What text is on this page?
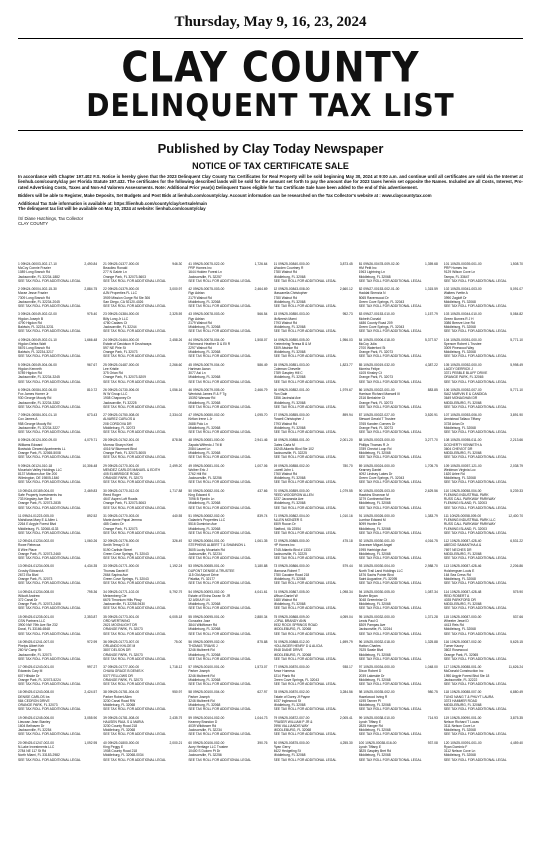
Thursday, May 9, 16, 23, 2024
CLAY COUNTY
DELINQUENT TAX LIST
Published by Clay Today Newspaper
NOTICE OF TAX CERTIFICATE SALE
In accordance with Chapter 197.402 F.S. Notice is hereby given that the 2023 Delinquent Clay County Tax Certificates for Real Property will be sold beginning May 30, 2024 at 9:00 a.m. and continue until all certificates are sold via the Internet at lienhub.com/county/clay per Florida Statute 197.432. The certificates for the following described lands will be sold for the amount set forth to pay the amount due for 2023 taxes herein set opposite the Names. Included are all Costs, Interest, Pro-rated Advertising Costs, Taxes and Non-Ad Valorem Assessments. Note: Additional Prior year(s) Delinquent Taxes eligible for Tax Certificate Sale have been added to the end of this advertisement.
Bidders will be able to Register, Make Deposits, Set Budgets and Post Bids at lienhub.com/county/clay. Account information can be researched on the Tax Collector's website at : www.claycountytax.com
Additional Tax Sale information is available at: https://lienhub.com/county/clay/certsale/main
The delinquent tax list will be available on May 10, 2024 at website: lienhub.com/county/clay
/S/ Diane Hutchings, Tax Collector
CLAY COUNTY
1 09N24-00003-002-17-10	2,490.84
McCoy Connie Frazier
1089 Long Branch Rd
Jacksonville, FL 32234-1882
SEE TAX ROLL FOR ADDITIONAL LEGAL
2 09N24-00004-002-15-30	2,884.75
Mcrae Jesse Frazier
7309 Long Branch Rd
Jacksonville, FL 32234-2045
SEE TAX ROLL FOR ADDITIONAL LEGAL
3 09N24-00049-002-02-00	975.40
Higdon Joseph B
4790 Higdon Rd
Baldwin, FL 32234-3231
SEE TAX ROLL FOR ADDITIONAL LEGAL
4 09N24-00049-002-01-10	1,666.48
Higdon Debra Watt
5676 Long Branch Rd
Baldwin, FL 32234-3217
SEE TAX ROLL FOR ADDITIONAL LEGAL
5 09N24-00049-004-06-00	967.67
Higdon Kenneth
5789 Higdon Rd
Jacksonville, FL 32234-3245
SEE TAX ROLL FOR ADDITIONAL LEGAL
6 09N24-00084-002-06-00	810.72
Fox James Homer Jr
930 George Moody Rd
Jacksonville, FL 32234-3282
SEE TAX ROLL FOR ADDITIONAL LEGAL
7 09N24-00084-001-01-10	673.43
Cox James A
958 George Moody Rd
Jacksonville, FL 32234-3227
SEE TAX ROLL FOR ADDITIONAL LEGAL
8 09N24-00124-000-09-00	4,079.71
Williams Edward
Bostwick Cleared Apartments LL
Orange Park, FL 32065-5008
SEE TAX ROLL FOR ADDITIONAL LEGAL
9 09N24-00124-010-18	10,306.48
Mountain Valley Holdings LLC
8137 Midtown Ave Ste 200
Wilmington, DE 19805-1840
SEE TAX ROLL FOR ADDITIONAL LEGAL
10 09N24-00189-004-00	2,469.83
Safe Property Investments Inc
733 Kingsley Ave Ste 8
Orange Park, FL 32073-2835
SEE TAX ROLL FOR ADDITIONAL LEGAL
11 09N24-01223-005-00	892.52
Mahdiana Mary E & Allen L
2264 E Argyle Forest Blvd
Middleburg, FL 32068-4133
SEE TAX ROLL FOR ADDITIONAL LEGAL
12 09N24-01234-002-00	1,060.26
Rowe Rebecca
8 Wire Place
Orange Park, FL 32073-2460
SEE TAX ROLL FOR ADDITIONAL LEGAL
13 09N24-01234-005-00	4,434.35
Crosby Edward A
2672 Ela Blvd
Orange Park, FL 32073
SEE TAX ROLL FOR ADDITIONAL LEGAL
14 09N24-01234-008-00	795.36
Wilcott Andrew
372 Canal Dr
Orange Park, FL 32073-2406
SEE TAX ROLL FOR ADDITIONAL LEGAL
15 09N25-01235-001-00	2,353.87
CSN Partners LLC
3900 NW 79th Ave Ste 232
Doral, FL 33166-6548
SEE TAX ROLL FOR ADDITIONAL LEGAL
16 09N25-01241-007-00	972.99
Phelps Albert Keh
260 W Camp St
Jacksonville, FL 32073
SEE TAX ROLL FOR ADDITIONAL LEGAL
17 09N25-01243-001-00	997.27
Edwards Cary M
607 Hillside Dr
Orange Park, FL 32073-5224
SEE TAX ROLL FOR ADDITIONAL LEGAL
18 09N25-01243-008-00	2,424.57
DENISE CARLOS Ira
584 CEDRON DRIVE
ORANGE PARK, FL 32073
SEE TAX ROLL FOR ADDITIONAL LEGAL
19 09N25-01245-006-00	3,055.90
Lieuwan Jean Stanley
1604 Belhaven Dr
Jacksonville, FL 32254
SEE TAX ROLL FOR ADDITIONAL LEGAL
20 09N25-01247-002-00	1,092.95
N-Lake Investments LLC
2784 NE 117 St Rd
North Miami, FL 33183-2982
SEE TAX ROLL FOR ADDITIONAL LEGAL
21 09N25-01377-000-00	946.30
Beaulieu Ronald
277 N Galvin Ln
Orange Park, FL 32073-5603
SEE TAX ROLL FOR ADDITIONAL LEGAL
22 09N25-01379-000-00	3,000.97
AJN Properties FL LLC
3909 Mission Gorge Rd Ste 306
San Diego, CA 92120-4026
SEE TAX ROLL FOR ADDITIONAL LEGAL
23 09N25-01384-000-00	2,325.59
Billy Long Jr LLC
4780 Cadans Ct
Jacksonville, FL 32244
SEE TAX ROLL FOR ADDITIONAL LEGAL
24 09N25-01464-000-00	2,458.26
Estate of Davidson H Drushways
597 NE Pirie St
Orange Park, FL 32073
SEE TAX ROLL FOR ADDITIONAL LEGAL
25 09N25-01487-000-00	2,266.60
Lee Kristie
375 Orian Rd
Orange Park, FL 32073-5209
SEE TAX ROLL FOR ADDITIONAL LEGAL
26 09N25-01730-006-00	1,056.16
W W Group LLC
1908 Chaponey Dr
Jacksonville, FL 32225
SEE TAX ROLL FOR ADDITIONAL LEGAL
27 09N25-01750-008-00	2,334.02
ALVAREZ CARLOS A
208 CORDOVA DR
Middleburg, FL 32073
SEE TAX ROLL FOR ADDITIONAL LEGAL
28 09N25-01762-001-00	878.56
Morrow Sharyn Keel
4016 W Bluemont Blvd
Orange Park, FL 32073-5005
SEE TAX ROLL FOR ADDITIONAL LEGAL
29 09N25-01770-001-00	2,499.20
MENDEZ CARLOS MANUEL & EDITH
405 ELMBRIDGE ROAD
ORANGE PARK, FL 32073
SEE TAX ROLL FOR ADDITIONAL LEGAL
30 09N25-01770-012-00	1,717.88
Reed Roger
4647 Aspen Loft Roads
Orange Park, FL 32073-5063
SEE TAX ROLL FOR ADDITIONAL LEGAL
31 09N25-01770-003-00	440.55
Marie Annie Papai Jemma
485 Castro Dr
Orange Park, FL 32073
SEE TAX ROLL FOR ADDITIONAL LEGAL
32 09N25-01776-000-00	326.49
Smith Terray D III
5190 Carlisle Street
Green Cove Springs, FL 32043
SEE TAX ROLL FOR ADDITIONAL LEGAL
33 09N25-01771-000-00	1,192.24
Thomas Daniel E
2664 Sapina Ave
Green Cove Springs, FL 32043
SEE TAX ROLL FOR ADDITIONAL LEGAL
34 09N25-01771-102-00	5,792.79
Metzenberg Cie
6676 Timonium Hills Pkwy
Jacksonville, FL 32258-9430
SEE TAX ROLL FOR ADDITIONAL LEGAL
35 09N25-01773-001-00	6,005.18
ORD WERTWING
2621 MOONLIGHT DR
ORANGE PARK, FL 32073
SEE TAX ROLL FOR ADDITIONAL LEGAL
36 09N25-01773-007-00	75.00
ORLANDO KHLOE M
3807 DELSON DR
ORANGE PARK, FL 32073
SEE TAX ROLL FOR ADDITIONAL LEGAL
37 09N25-01777-000-00	1,718.12
CHAVA GRACE B DENIS K
5377 FELLOWS DR
ORANGE PARK, FL 32073
SEE TAX ROLL FOR ADDITIONAL LEGAL
38 09N25-01781-004-00	950.97
Parker Robert Allen
3230 Canal Road RW
Middleburg, FL 32068
SEE TAX ROLL FOR ADDITIONAL LEGAL
39 09N25-01781-008-00	2,435.79
HAUSEN PAUL S & MARIA
3230 County Road 218
Middleburg, FL 32068
SEE TAX ROLL FOR ADDITIONAL LEGAL
40 09N25-01800-000-00	2,000.21
King Peggy E
1908 County Road 218
Middleburg, FL 32068-0034
SEE TAX ROLL FOR ADDITIONAL LEGAL
41 09N25-00075-022-00	1,726.64
PRP Homes Inc
1644 Holden Forest Ln
Jacksonville, FL 32257
SEE TAX ROLL FOR ADDITIONAL LEGAL
42 09N25-00075-003-00	2,464.69
Ryp Adrian
2179 Walnut Rd
Middleburg, FL 32068
SEE TAX ROLL FOR ADDITIONAL LEGAL
43 09N25-00078-003-00	566.54
Ryp Adrian
2179 Walnut Rd
Middleburg, FL 32068
SEE TAX ROLL FOR ADDITIONAL LEGAL
44 09N25-00078-004-00	1,508.07
Richmond Heather D & Eli R
2297 Walnut Rd
Middleburg, FL 32068
SEE TAX ROLL FOR ADDITIONAL LEGAL
45 09N25-00079-004-00	586.49
Hartman Aaron
3077 Asi Ln
Middleburg, FL 32068
SEE TAX ROLL FOR ADDITIONAL LEGAL
46 09N25-00079-005-00	2,466.79
Wentcisk James R & F Tg
15392 Warsaw Rd
Middleburg, FL 32068
SEE TAX ROLL FOR ADDITIONAL LEGAL
47 09N25-00080-002-00	1,095.70
Kirtlan Irene L Jr
2688 Polo Ln
Middleburg, FL 32068
SEE TAX ROLL FOR ADDITIONAL LEGAL
48 09N25-00081-000-00	2,941.46
Zapata Wilfredo J Ttl Ill
2084 Laurel Ln
Middleburg, FL 32068
SEE TAX ROLL FOR ADDITIONAL LEGAL
49 09N25-00081-001-00	1,007.06
Wolber Eric J
2762 Hill Rd
Jacksonville, FL 32256
SEE TAX ROLL FOR ADDITIONAL LEGAL
50 09N25-00082-001-00	437.66
King Edward K
7096 B Fjordin Ln
Middleburg, FL 32068
SEE TAX ROLL FOR ADDITIONAL LEGAL
51 09N25-00082-002-00	839.74
Galante's Properties LLC
5516 Dominion Ave
Middleburg, FL 32068
SEE TAX ROLL FOR ADDITIONAL LEGAL
52 09N25-00084-001-00	1,061.35
STEPHENS ALBERT T & SHANNON L
3605 Lucky Mountain Rd
Jacksonville, FL 32234
SEE TAX ROLL FOR ADDITIONAL LEGAL
53 09N25-00085-001-00	3,180.88
DUPONT DENISE A TRUSTEE
115 Old Airport Drive
Palatka, FL 32177
SEE TAX ROLL FOR ADDITIONAL LEGAL
54 09N25-00093-002-00	4,041.61
Estate of Elvino Duran Sr JR
32 ASKA R LN
Middleburg, FL 32068
SEE TAX ROLL FOR ADDITIONAL LEGAL
55 09N25-00095-001-00	2,880.34
Gonzalez Jose
3844 Wildflower Rd
Middleburg, FL 32068
SEE TAX ROLL FOR ADDITIONAL LEGAL
56 09N25-00099-002-00	875.88
THOMAS TRAVIS J
3246 Mulberrit Rd
Middleburg, FL 32068
SEE TAX ROLL FOR ADDITIONAL LEGAL
57 09N25-00100-001-00	1,573.07
Parker Joseph
3246 Mulberrit Rd
Middleburg, FL 32068
SEE TAX ROLL FOR ADDITIONAL LEGAL
58 09N25-00100-004-00	627.97
Parker Joseph
3246 Mulberrit Rd
Middleburg, FL 32068
SEE TAX ROLL FOR ADDITIONAL LEGAL
59 09N25-00104-002-00	1,044.73
Kearney Brandon D
4039 Wildtower Rd
Jacksonville, FL 32234
SEE TAX ROLL FOR ADDITIONAL LEGAL
60 09N25-00106-002-00	390.76
Acey Heritage LLC Trustee
10400 S Dulcen Pt Dr
Jacksonville, FL 32256
SEE TAX ROLL FOR ADDITIONAL LEGAL
61 09N25-00840-000-00	3,873.45
Wooden Courtney R
2780 Walnut Rd
Middleburg, FL 32068
SEE TAX ROLL FOR ADDITIONAL LEGAL
62 09N25-00843-008-00	2,660.12
Mascarella Christopher
2780 Walnut Rd
Middleburg, FL 32068
SEE TAX ROLL FOR ADDITIONAL LEGAL
63 09N25-00850-003-00	952.73
McNeesh Marni
2793 Walnut Rd
Middleburg, FL 32068
SEE TAX ROLL FOR ADDITIONAL LEGAL
64 09N25-00850-005-00	1,956.03
Kreienbring Teresa B & M
8309 Alwinke Rd
Middleburg, FL 32068
SEE TAX ROLL FOR ADDITIONAL LEGAL
65 09N25-00851-003-00	1,823.77
Coleman Chevelle
2789 Gaspley Hill C
Middleburg, FL 32068
SEE TAX ROLL FOR ADDITIONAL LEGAL
66 09N25-00852-001-00	1,979.67
Ron Dale
3356 Jacinsiai Ave
Middleburg, FL 32068
SEE TAX ROLL FOR ADDITIONAL LEGAL
67 09N25-00855-000-00	899.94
Rowell Christopher J
2793 Walnut Rd
Middleburg, FL 32068
SEE TAX ROLL FOR ADDITIONAL LEGAL
68 09N25-00858-001-00	2,001.20
Gates Carla M
15245 Atlantic Blvd Ste 102
Jacksonville, FL 32225
SEE TAX ROLL FOR ADDITIONAL LEGAL
69 09N25-00858-002-00	780.70
Lowell John L
2760 Walnut Rd
Middleburg, FL 32068
SEE TAX ROLL FOR ADDITIONAL LEGAL
70 09N25-00859-000-00	1,079.55
REED WOODROW ALLEN
3237 Jacaranda Ave
Middleburg, FL 32068
SEE TAX ROLL FOR ADDITIONAL LEGAL
71 09N25-00862-004-00	1,010.16
ALLEN MONZER S
4509 Rucon Dr
Stafford, VA 22554
SEE TAX ROLL FOR ADDITIONAL LEGAL
72 09N25-00865-000-00	475.18
HP Homes Inc
3745 Atlantic Blvd # 1333
Jacksonville, FL 32225
SEE TAX ROLL FOR ADDITIONAL LEGAL
73 09N25-00866-000-00	579.44
Mamona Robert T
2780 Cauaine Road 218
Middleburg, FL 32068
SEE TAX ROLL FOR ADDITIONAL LEGAL
74 09N25-00867-005-00	1,098.34
Wilson Daniel W
2480 Walnut Rd
Middleburg, FL 32068
SEE TAX ROLL FOR ADDITIONAL LEGAL
75 09N25-00868-009-00	4,059.04
LOPAL BRANDY ANN
5932 ROCK SPRINGS ROAD
MIDDLEBURG, FL 32068
SEE TAX ROLL FOR ADDITIONAL LEGAL
76 09N25-00868-012-00	1,699.79
HOLLINGER HENRY D & ALICIA
5948 DIANE DRIVE
MIDDLEBURG, FL 32068
SEE TAX ROLL FOR ADDITIONAL LEGAL
77 09N25-00870-000-00	938.17
Amor Homesa
5214 Plank Rd
Green Cove Springs, FL 32043
SEE TAX ROLL FOR ADDITIONAL LEGAL
78 09N25-00870-002-00	3,284.56
Estate of Dorey Jf Payne
4037 Inglewood St
Middleburg, FL 32068
SEE TAX ROLL FOR ADDITIONAL LEGAL
79 09N25-00872-007-00	2,005.41
FRASER WILLIAM P JR &
2996 VALLIANDIS WAY
MIDDLEBURG, FL 32068
SEE TAX ROLL FOR ADDITIONAL LEGAL
80 09N25-00875-000-00	4,255.30
Ryan Gerry
4622 Hedgeling St
Middleburg, FL 32068
SEE TAX ROLL FOR ADDITIONAL LEGAL
81 09N26-00478-009-02-00	1,359.68
HM Petit Inc
1963 Lightning Ln
Middleburg, FL 32068
SEE TAX ROLL FOR ADDITIONAL LEGAL
82 09N27-00153-002-01-00	1,315.59
Haddat Shenzia N
5065 Ravenwood Dr
Green Cove Springs, FL 32043
SEE TAX ROLL FOR ADDITIONAL LEGAL
83 09N27-00153-010-00	1,157.79
Mcbeth Donald
4486 County Road 209
Green Cove Springs, FL 32043
SEE TAX ROLL FOR ADDITIONAL LEGAL
84 10N25-00006-018-00	5,377.57
McCoy Julia
2700 Waterford St
Orange Park, FL 32073
SEE TAX ROLL FOR ADDITIONAL LEGAL
85 10N25-00019-032-00	4,387.22
Moreira Felipe
4105 Kinsley Ct
Orange Park, FL 32073
SEE TAX ROLL FOR ADDITIONAL LEGAL
86 10N25-00022-001-00	883.85
Harrison Richard Maxwell III
2316 Berkshire Ct
Orange Park, FL 32073
SEE TAX ROLL FOR ADDITIONAL LEGAL
87 10N25-00022-027-00	3,520.91
Stewart Gerald T Trustee
3765 Kanden Corners Dr
Orange Park, FL 32073
SEE TAX ROLL FOR ADDITIONAL LEGAL
88 10N25-00023-000-00	3,277.70
Phillips Thomas R Jr
3789 Cheviot Loop Rd
Middleburg, FL 32068
SEE TAX ROLL FOR ADDITIONAL LEGAL
89 10N25-00024-000-00	1,705.75
Kearney Daniel
4092 Lindsey Lakes Dr
Green Cove Springs, FL 32043
SEE TAX ROLL FOR ADDITIONAL LEGAL
90 10N25-00025-003-00	2,629.56
Hawkins Shannon M
3279 Continental Bee
Middleburg, FL 32068
SEE TAX ROLL FOR ADDITIONAL LEGAL
91 10N25-00026-000-00	1,383.79
Lumbar Edward M
5099 Hunter Dr
Middleburg, FL 32068
SEE TAX ROLL FOR ADDITIONAL LEGAL
92 10N25-00030-001-00	4,016.75
Graveser Miguel Angel
1995 Hartridge Ave
Middleburg, FL 32068
SEE TAX ROLL FOR ADDITIONAL LEGAL
93 10N25-00030-004-00	2,988.70
North Trail Land Holdings LLC
1876 Sachs Pointe Blvd
Saint Augustine, FL 32095
SEE TAX ROLL FOR ADDITIONAL LEGAL
94 10N25-00030-005-00	1,087.34
Bovier Bryan
3048 Greenbriar Ct
Middleburg, FL 32068
SEE TAX ROLL FOR ADDITIONAL LEGAL
95 10N25-00032-000-00	1,371.28
Lewis Paul G
8309 Pampas Ave
Jacksonville, FL 32244
SEE TAX ROLL FOR ADDITIONAL LEGAL
96 10N25-00032-018-00	1,325.88
Hatton Charles
7625 Swale Blvd
Middleburg, FL 32068
SEE TAX ROLL FOR ADDITIONAL LEGAL
97 10N25-00034-000-00	1,048.00
Dixon Robert D
2039 Lakeside Dr
Middleburg, FL 32068
SEE TAX ROLL FOR ADDITIONAL LEGAL
98 10N25-00035-002-00	980.75
Hazelwood Irving R
4195 Tanner Pl
Middleburg, FL 32068
SEE TAX ROLL FOR ADDITIONAL LEGAL
99 10N25-00038-010-00	714.93
Lynch Tiffany E
2825 Hanger Rd
Middleburg, FL 32068
SEE TAX ROLL FOR ADDITIONAL LEGAL
100 10N25-00038-016-00	937.08
Lynch Tiffany E
3825 Gaspley Bret Rd
Middleburg, FL 32068
SEE TAX ROLL FOR ADDITIONAL LEGAL
101 10N25-00039-001-00	1,508.70
PRP Homes Inc
9129 Wilson Cove Ln
Tampa, FL 33647
SEE TAX ROLL FOR ADDITIONAL LEGAL
102 10N25-00041-003-00	5,091.07
Walters Yvette A
3990 Zagloft Dr
Middleburg, FL 32068
SEE TAX ROLL FOR ADDITIONAL LEGAL
103 10N25-00044-010-00	5,084.82
Green Burnes R J H
3086 Breeze Line Rd
Middleburg, FL 32068
SEE TAX ROLL FOR ADDITIONAL LEGAL
104 10N25-00051-000-00	5,771.10
Spencer Robert L Trustee
3009 Pinewood Way
Middleburg, FL 32068
SEE TAX ROLL FOR ADDITIONAL LEGAL
105 10N25-00052-000-00	5,998.49
LACEY DERRICK J
3371 PEBBLE BLUFF DRIVE
ORANGE PARK, FL 32065
SEE TAX ROLL FOR ADDITIONAL LEGAL
106 10N25-00052-007-00	5,771.10
SAIZ MARVIN E & CANDIDA
3649 MONAGHAN DR
MIDDLEBURG, FL 32068
SEE TAX ROLL FOR ADDITIONAL LEGAL
107 10N25-00053-006-00	3,891.90
Armistead Tallaco Tiffany
3728 Arian Dr
Middleburg, FL 32068
SEE TAX ROLL FOR ADDITIONAL LEGAL
108 10N25-00055-011-00	2,213.66
DOCHERTY KENNETH A
3604 CHEVIOT DR
MIDDLEBURG, FL 32068
SEE TAX ROLL FOR ADDITIONAL LEGAL
109 10N25-00057-121-00	2,038.79
Weidman Virginia Lcc
1620 Arlee Rd
Middleburg, FL 32068
SEE TAX ROLL FOR ADDITIONAL LEGAL
110 10N25-00058-004-00	5,239.33
FLEMING INDUSTRIAL PARK
RUSS CALL PARKWAY PARKWAY
FLEMING ISLAND, FL 32003
SEE TAX ROLL FOR ADDITIONAL LEGAL
111 10N25-00058-009-00	12,400.70
FLEMING INDUSTRIAL PARK LLC
RUSS CALL PARKWAY PARKWAY
FLEMING ISLAND, FL 32003
SEE TAX ROLL FOR ADDITIONAL LEGAL
112 10N25-00087-428-40	6,531.22
ABEDIO SAMANTHA A &
7697 NECHES DR
MIDDLEBURG, FL 32068
SEE TAX ROLL FOR ADDITIONAL LEGAL
113 10N25-00087-428-46	2,206.86
Holzbergsen Louis E
164 Sea Cress Rd
Middleburg, FL 32068
SEE TAX ROLL FOR ADDITIONAL LEGAL
114 10N25-00087-428-48	575.90
REID ROBERT A
4035 PARKFORD DR
MIDDLEBURG, FL 32068
SEE TAX ROLL FOR ADDITIONAL LEGAL
115 10N25-00087-000-00	537.66
Wheeler Jewel D
4413 Reis Rd
Middleburg, FL 32068
SEE TAX ROLL FOR ADDITIONAL LEGAL
116 10N25-00087-002-00	5,625.15
Turner Kacey
3602 Rosewood
Orange Park, FL 32065
SEE TAX ROLL FOR ADDITIONAL LEGAL
117 10N25-00088-001-00	11,626.24
McDonald Construction Inc
1950 Argyle Forest Blvd Ste 18
Jacksonville, FL 32222
SEE TAX ROLL FOR ADDITIONAL LEGAL
118 10N25-00088-007-00	6,880.49
TUNG NANG T & PHUYT LAURA
3373 HAMMER ROAD
MIDDLEBURG, FL 32068
SEE TAX ROLL FOR ADDITIONAL LEGAL
119 10N25-00090-001-00	3,875.35
Nelson Richard T Lucas
3111 Nelson Cove Ln
Middleburg, FL 32068
SEE TAX ROLL FOR ADDITIONAL LEGAL
120 10N25-00091-001-00	4,459.40
Ryan Dominic F
3112 Nelson Cove Ln
Middleburg, FL 32068
SEE TAX ROLL FOR ADDITIONAL LEGAL
